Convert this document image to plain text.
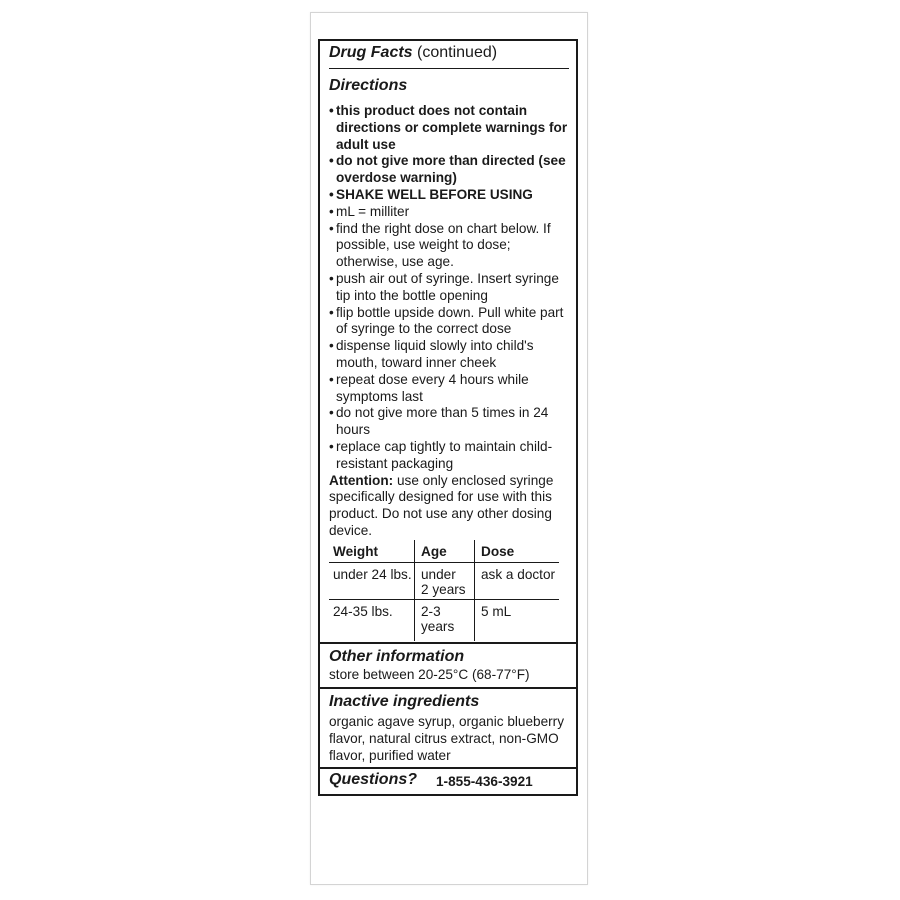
Drug Facts (continued)
Directions
• this product does not contain
directions or complete warnings for
adult use
• do not give more than directed (see
overdose warning)
• SHAKE WELL BEFORE USING
• mL = milliter
• find the right dose on chart below. If
possible, use weight to dose;
otherwise, use age.
• push air out of syringe. Insert syringe
tip into the bottle opening
• flip bottle upside down. Pull white part
of syringe to the correct dose
• dispense liquid slowly into child's
mouth, toward inner cheek
• repeat dose every 4 hours while
symptoms last
• do not give more than 5 times in 24
hours
• replace cap tightly to maintain child-
resistant packaging
Attention: use only enclosed syringe
specifically designed for use with this
product. Do not use any other dosing
device.
Weight	Age	Dose
under 24 lbs. under
2 years
ask a doctor
24-35 lbs. 2-3
years
5 mL
Other information
store between 20-25°C (68-77°F)
Inactive ingredients
organic agave syrup, organic blueberry
flavor, natural citrus extract, non-GMO
flavor, purified water
Questions? 1-855-436-3921
